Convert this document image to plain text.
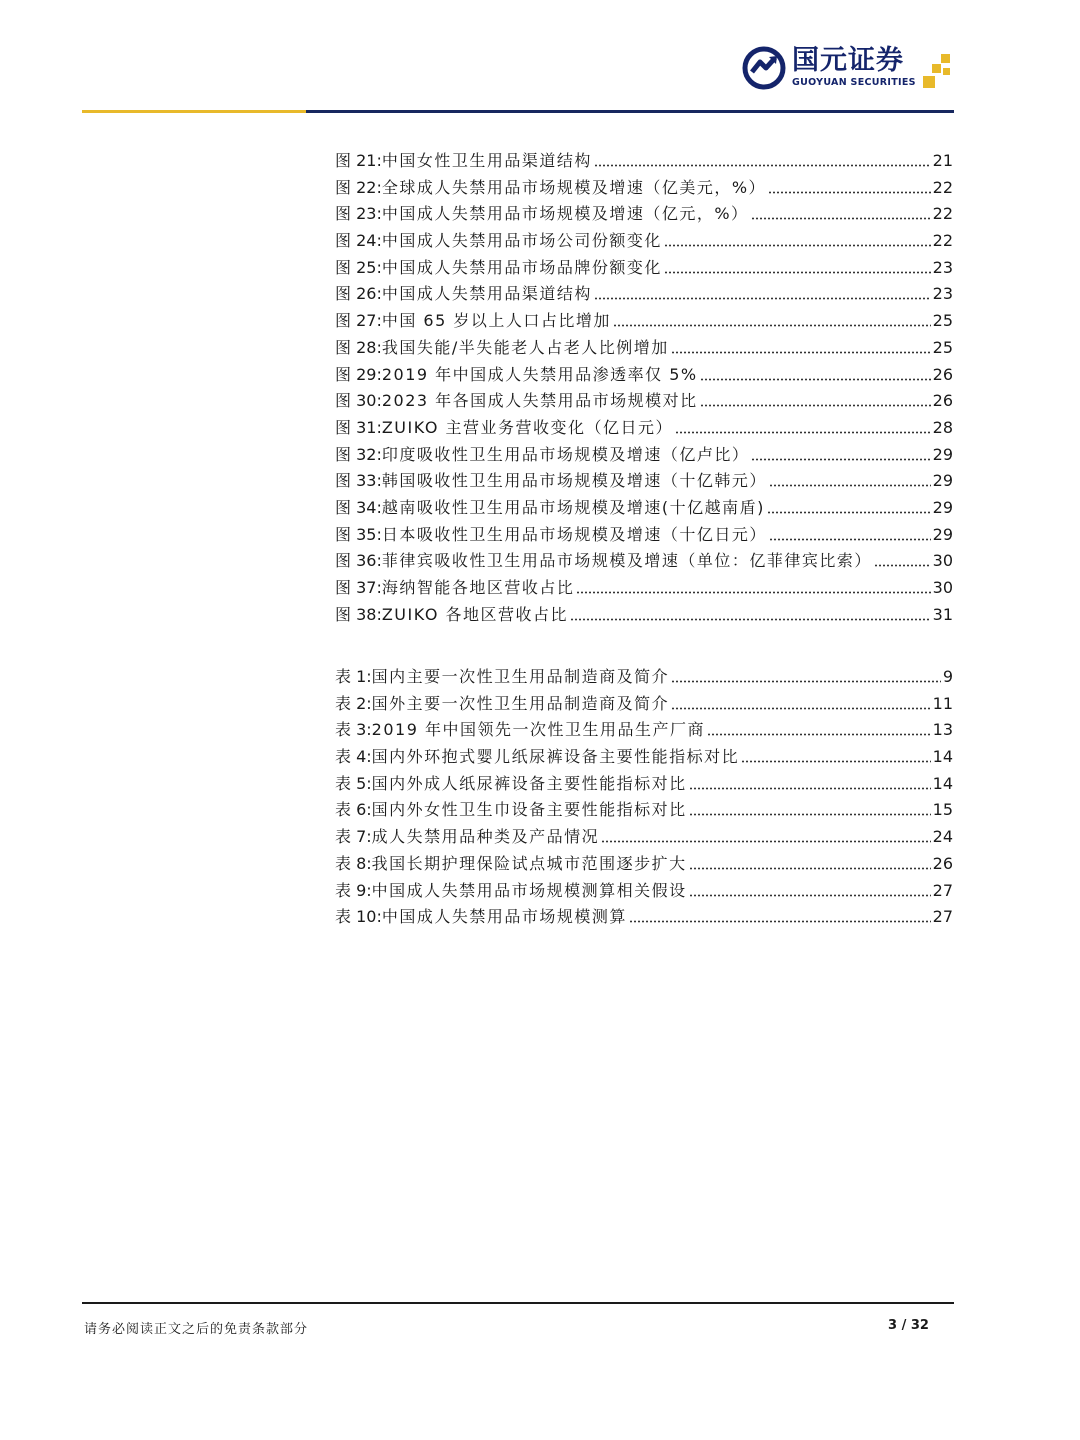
国元证券
GUOYUAN SECURITIES
图 21: 中国女性卫生用品渠道结构	21
图 22: 全球成人失禁用品市场规模及增速（亿美元，%）	22
图 23: 中国成人失禁用品市场规模及增速（亿元，%）	22
图 24: 中国成人失禁用品市场公司份额变化	22
图 25: 中国成人失禁用品市场品牌份额变化	23
图 26: 中国成人失禁用品渠道结构	23
图 27: 中国 65 岁以上人口占比增加	25
图 28: 我国失能/半失能老人占老人比例增加	25
图 29: 2019 年中国成人失禁用品渗透率仅 5%	26
图 30: 2023 年各国成人失禁用品市场规模对比	26
图 31: ZUIKO 主营业务营收变化（亿日元）	28
图 32: 印度吸收性卫生用品市场规模及增速（亿卢比）	29
图 33: 韩国吸收性卫生用品市场规模及增速（十亿韩元）	29
图 34: 越南吸收性卫生用品市场规模及增速(十亿越南盾)	29
图 35: 日本吸收性卫生用品市场规模及增速（十亿日元）	29
图 36: 菲律宾吸收性卫生用品市场规模及增速（单位：亿菲律宾比索）	30
图 37: 海纳智能各地区营收占比	30
图 38: ZUIKO 各地区营收占比	31
表 1: 国内主要一次性卫生用品制造商及简介	9
表 2: 国外主要一次性卫生用品制造商及简介	11
表 3: 2019 年中国领先一次性卫生用品生产厂商	13
表 4: 国内外环抱式婴儿纸尿裤设备主要性能指标对比	14
表 5: 国内外成人纸尿裤设备主要性能指标对比	14
表 6: 国内外女性卫生巾设备主要性能指标对比	15
表 7: 成人失禁用品种类及产品情况	24
表 8: 我国长期护理保险试点城市范围逐步扩大	26
表 9: 中国成人失禁用品市场规模测算相关假设	27
表 10: 中国成人失禁用品市场规模测算	27
请务必阅读正文之后的免责条款部分	3 / 32
